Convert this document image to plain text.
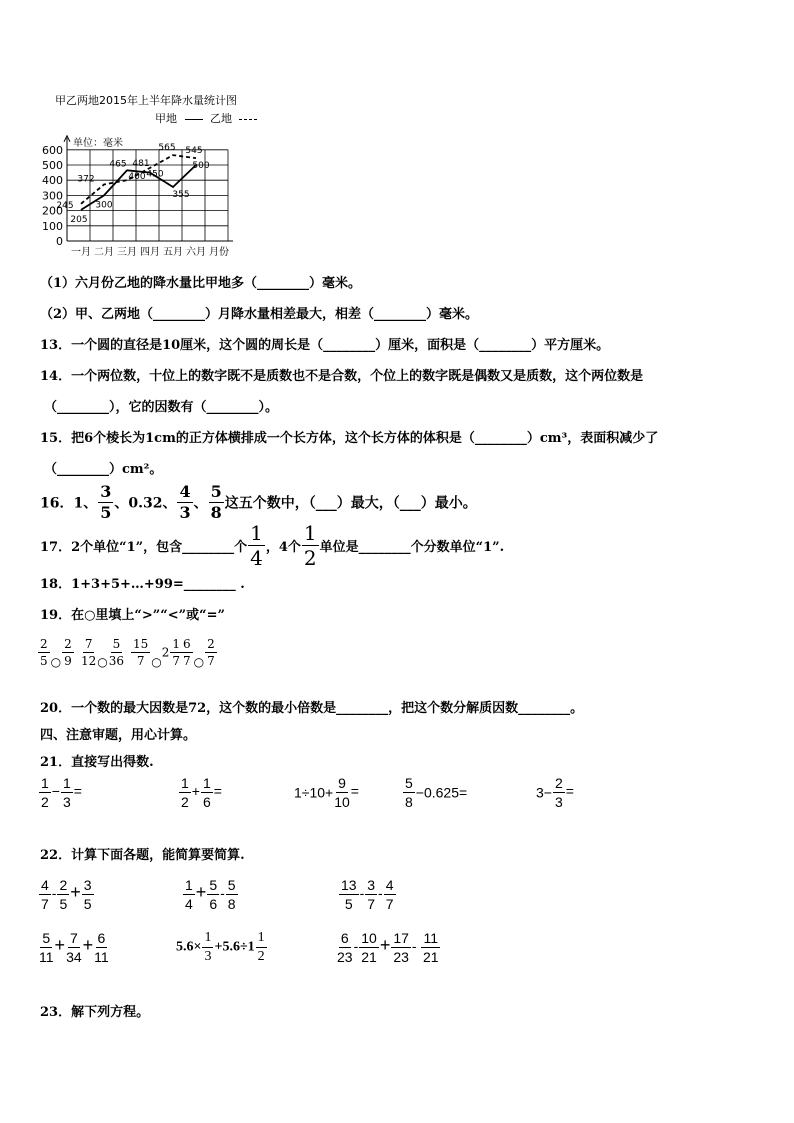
甲乙两地2015年上半年降水量统计图
甲地	乙地
单位：毫米
0
100
200
300
400
500
600
一月 二月 三月 四月 五月 六月 月份
205
300
465
450
355
500
245
372	400
481
565 545
（1）六月份乙地的降水量比甲地多（________）毫米。
（2）甲、乙两地（________）月降水量相差最大，相差（________）毫米。
13．一个圆的直径是10厘米，这个圆的周长是（________）厘米，面积是（________）平方厘米。
14．一个两位数，十位上的数字既不是质数也不是合数，个位上的数字既是偶数又是质数，这个两位数是
（________），它的因数有（________）。
15．把6个棱长为1cm的正方体横排成一个长方体，这个长方体的体积是（________）cm³，表面积减少了
（________）cm²。
16．1、 $\frac{3}{5}$ 、0.32、 $\frac{4}{3}$ 、 $\frac{5}{8}$ 这五个数中，（___）最大，（___）最小。
17．2个单位“1”，包含________个 $\frac{1}{4}$ ，4个 $\frac{1}{2}$ 单位是________个分数单位“1”.
18．1+3+5+…+99=________ .
19．在○里填上“>”“<”或“=”
$\frac{2}{5}$ ○ $\frac{2}{9} \frac{7}{12}$ ○ $\frac{5}{36} \frac{15}{7}$ ○2 $\frac{1}{7}$
$\frac{6}{7}$ ○ $\frac{2}{7}$
20．一个数的最大因数是72，这个数的最小倍数是________，把这个数分解质因数________。
四、注意审题，用心计算。
21．直接写出得数.
$\frac{1}{2} - \frac{1}{3}$ =	$\frac{1}{2} + \frac{1}{6}$ =	$1\div 10+ \frac{9}{10}$ =	$\frac{5}{8} -0.625=$	$3- \frac{2}{3}$ =
22．计算下面各题，能简算要简算.
$\frac{4}{7} - \frac{2}{5} + \frac{3}{5}$	$\frac{1}{4} + \frac{5}{6} - \frac{5}{8}$	$\frac{13}{5} - \frac{3}{7} - \frac{4}{7}$
$\frac{5}{11} + \frac{7}{34} + \frac{6}{11}$	$5.6\times \frac{1}{3} +5.6\div 1 \frac{1}{2}$	$\frac{6}{23} - \frac{10}{21} + \frac{17}{23} - \frac{11}{21}$
23．解下列方程。
